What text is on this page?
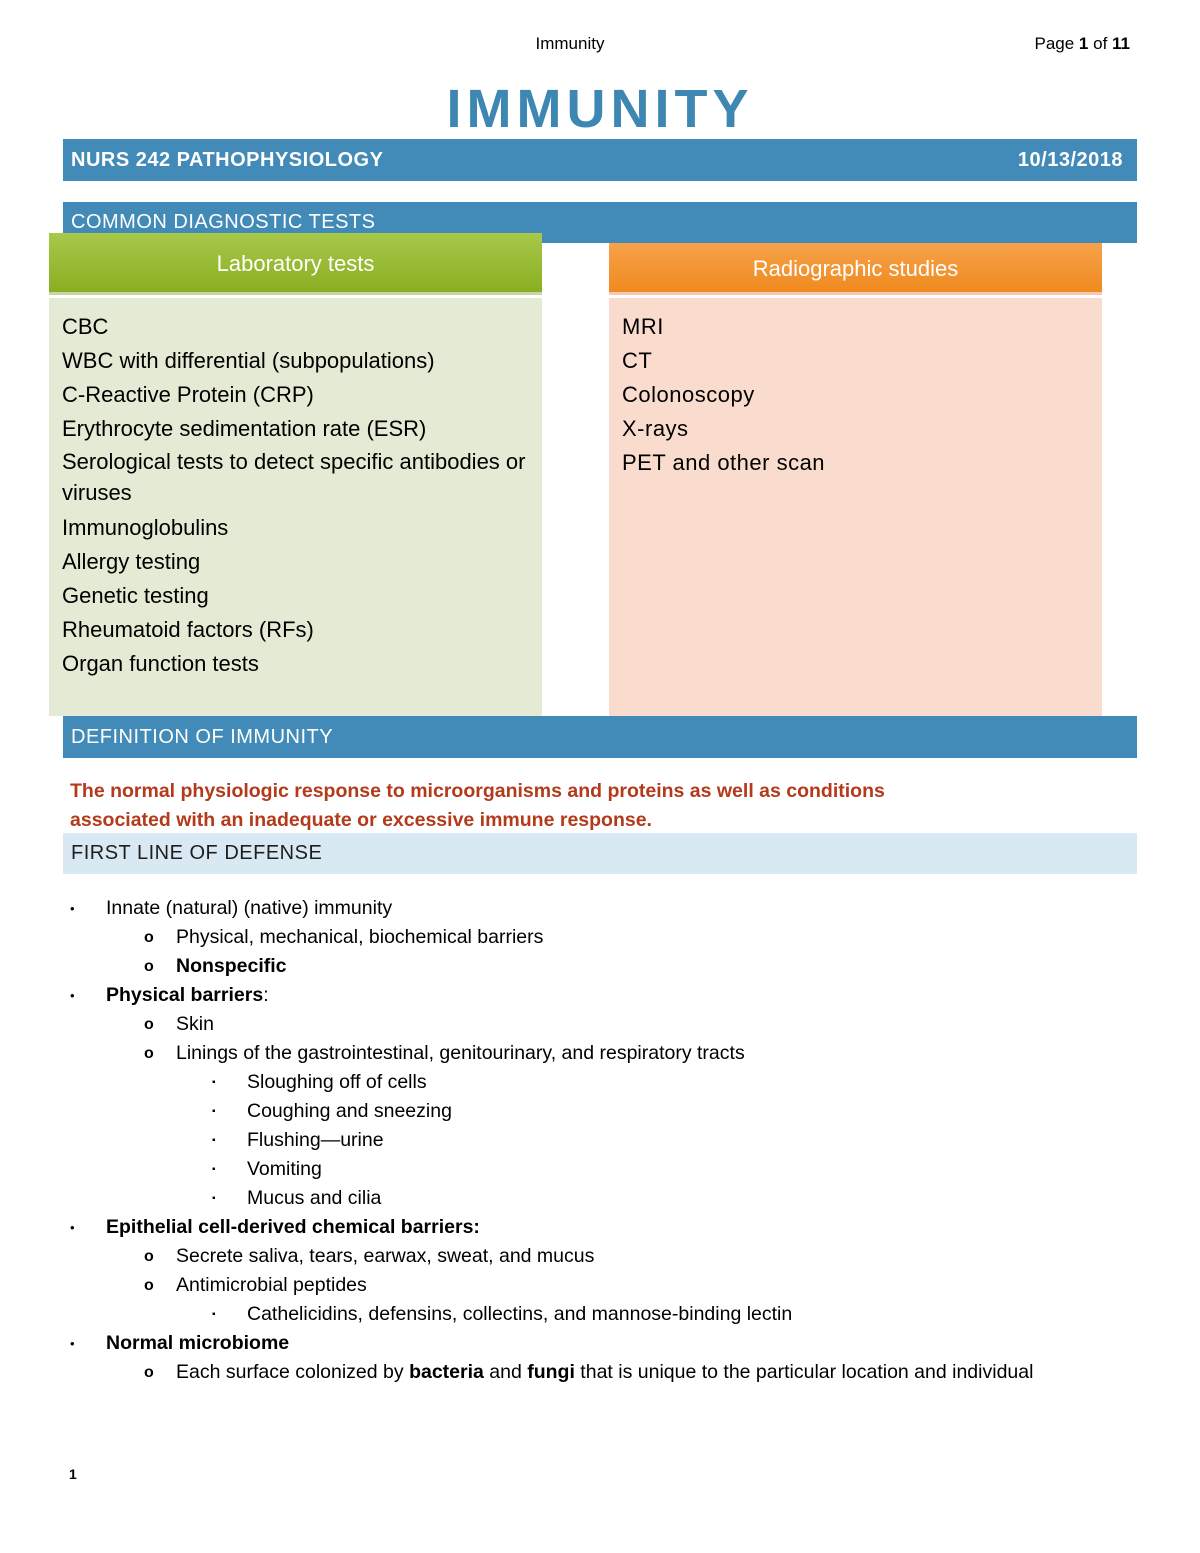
Immunity	Page 1 of 11
IMMUNITY
NURS 242 PATHOPHYSIOLOGY	10/13/2018
COMMON DIAGNOSTIC TESTS
Laboratory tests	Radiographic studies
CBC
WBC with differential (subpopulations)
C-Reactive Protein (CRP)
Erythrocyte sedimentation rate (ESR)
Serological tests to detect specific antibodies or viruses
Immunoglobulins
Allergy testing
Genetic testing
Rheumatoid factors (RFs)
Organ function tests
MRI
CT
Colonoscopy
X-rays
PET and other scan
DEFINITION OF IMMUNITY
The normal physiologic response to microorganisms and proteins as well as conditions
associated with an inadequate or excessive immune response.
FIRST LINE OF DEFENSE
• Innate (natural) (native) immunity
o Physical, mechanical, biochemical barriers
o Nonspecific
• Physical barriers:
o Skin
o Linings of the gastrointestinal, genitourinary, and respiratory tracts
▪ Sloughing off of cells
▪ Coughing and sneezing
▪ Flushing—urine
▪ Vomiting
▪ Mucus and cilia
• Epithelial cell-derived chemical barriers:
o Secrete saliva, tears, earwax, sweat, and mucus
o Antimicrobial peptides
▪ Cathelicidins, defensins, collectins, and mannose-binding lectin
• Normal microbiome
o Each surface colonized by bacteria and fungi that is unique to the particular location and individual
1
